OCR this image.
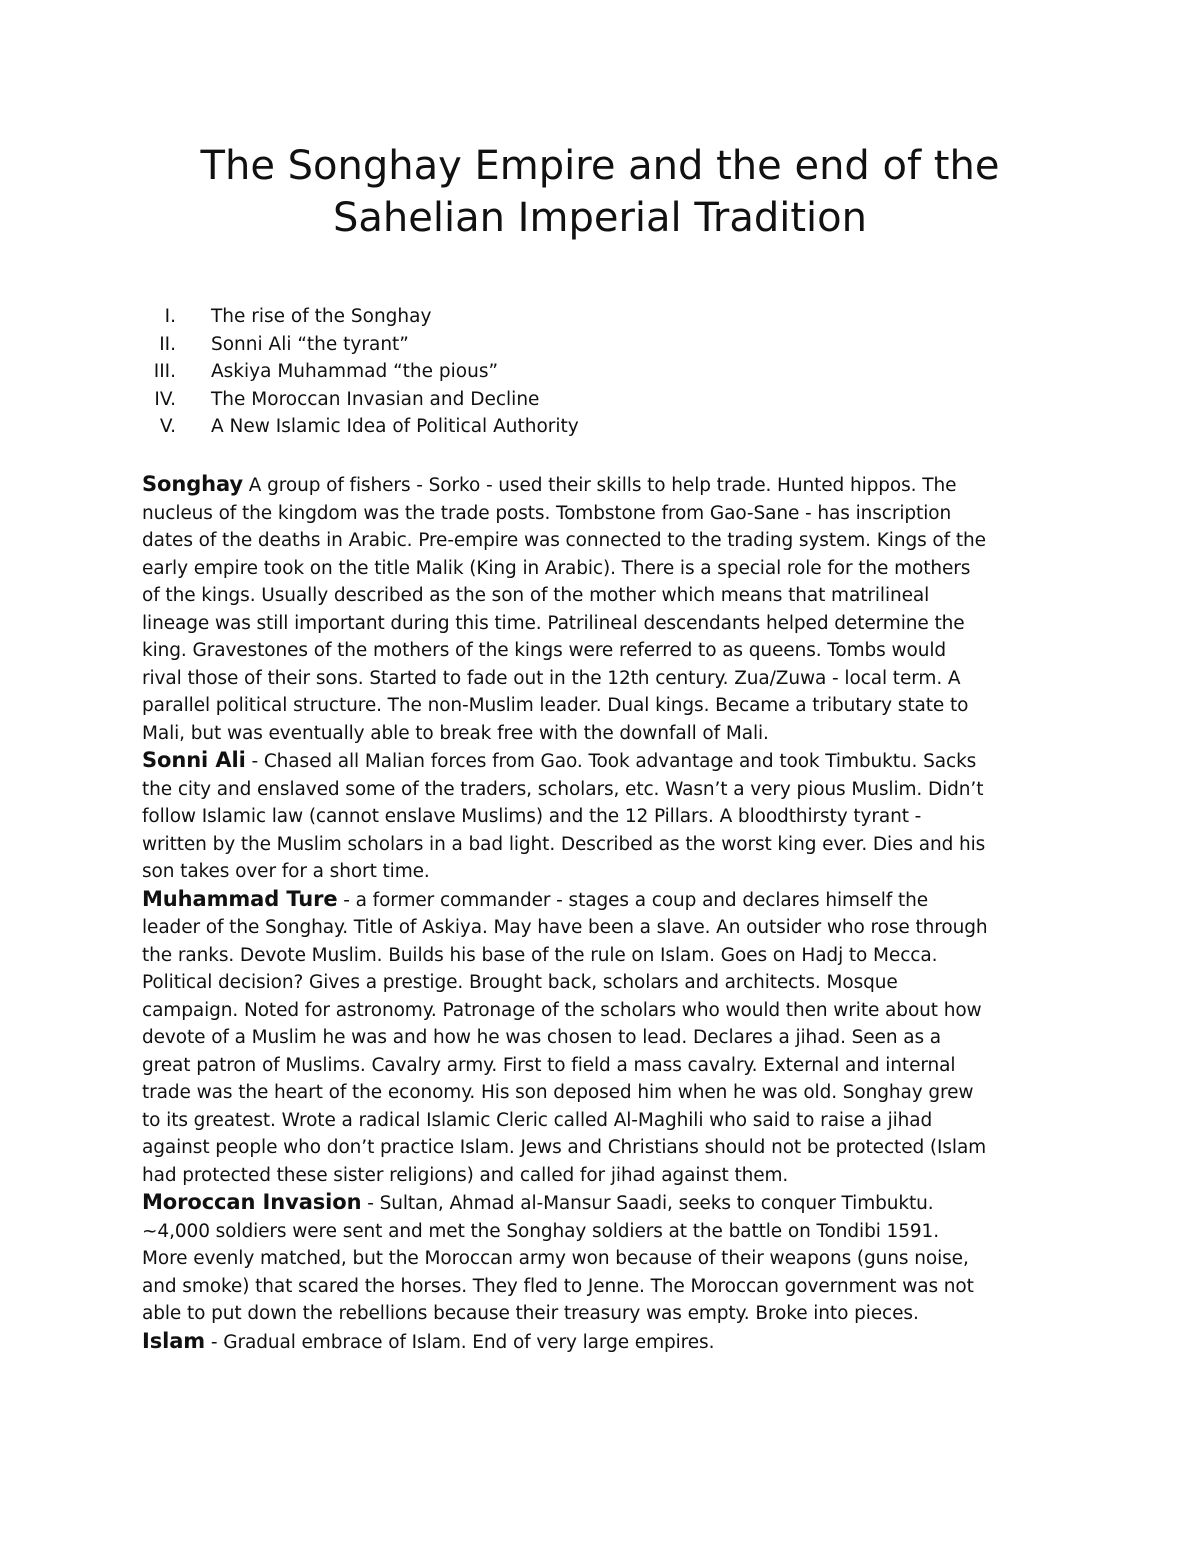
The Songhay Empire and the end of the
Sahelian Imperial Tradition
I.	The rise of the Songhay
II.	Sonni Ali “the tyrant”
III.	Askiya Muhammad “the pious”
IV.	The Moroccan Invasian and Decline
V.	A New Islamic Idea of Political Authority

Songhay A group of fishers - Sorko - used their skills to help trade. Hunted hippos. The

nucleus of the kingdom was the trade posts. Tombstone from Gao-Sane - has inscription

dates of the deaths in Arabic. Pre-empire was connected to the trading system. Kings of the

early empire took on the title Malik (King in Arabic). There is a special role for the mothers

of the kings. Usually described as the son of the mother which means that matrilineal

lineage was still important during this time. Patrilineal descendants helped determine the

king. Gravestones of the mothers of the kings were referred to as queens. Tombs would

rival those of their sons. Started to fade out in the 12th century. Zua/Zuwa - local term. A

parallel political structure. The non-Muslim leader. Dual kings. Became a tributary state to

Mali, but was eventually able to break free with the downfall of Mali.

Sonni Ali - Chased all Malian forces from Gao. Took advantage and took Timbuktu. Sacks

the city and enslaved some of the traders, scholars, etc. Wasn’t a very pious Muslim. Didn’t

follow Islamic law (cannot enslave Muslims) and the 12 Pillars. A bloodthirsty tyrant -

written by the Muslim scholars in a bad light. Described as the worst king ever. Dies and his

son takes over for a short time.

Muhammad Ture - a former commander - stages a coup and declares himself the

leader of the Songhay. Title of Askiya. May have been a slave. An outsider who rose through

the ranks. Devote Muslim. Builds his base of the rule on Islam. Goes on Hadj to Mecca.

Political decision? Gives a prestige. Brought back, scholars and architects. Mosque

campaign. Noted for astronomy. Patronage of the scholars who would then write about how

devote of a Muslim he was and how he was chosen to lead. Declares a jihad. Seen as a

great patron of Muslims. Cavalry army. First to field a mass cavalry. External and internal

trade was the heart of the economy. His son deposed him when he was old. Songhay grew

to its greatest. Wrote a radical Islamic Cleric called Al-Maghili who said to raise a jihad

against people who don’t practice Islam. Jews and Christians should not be protected (Islam

had protected these sister religions) and called for jihad against them.

Moroccan Invasion - Sultan, Ahmad al-Mansur Saadi, seeks to conquer Timbuktu.

~4,000 soldiers were sent and met the Songhay soldiers at the battle on Tondibi 1591.

More evenly matched, but the Moroccan army won because of their weapons (guns noise,

and smoke) that scared the horses. They fled to Jenne. The Moroccan government was not

able to put down the rebellions because their treasury was empty. Broke into pieces.

Islam - Gradual embrace of Islam. End of very large empires.
